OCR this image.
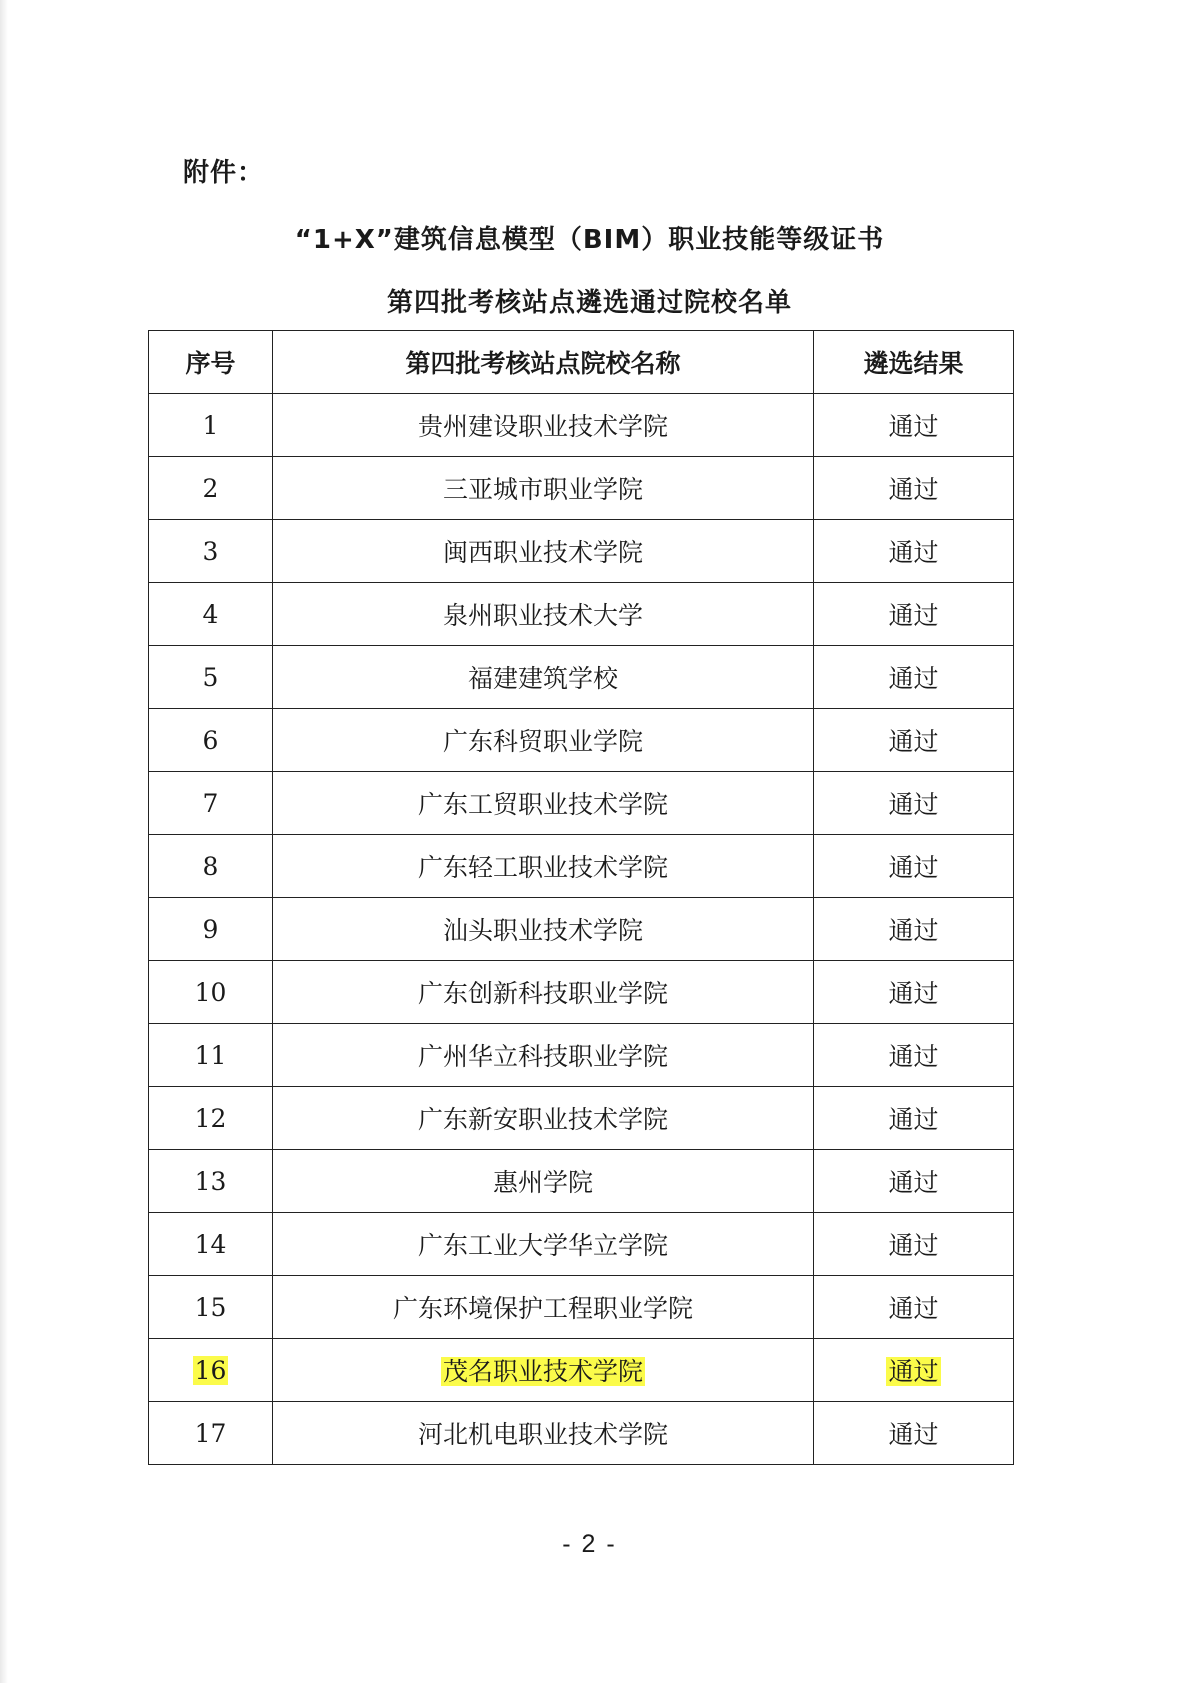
附件：
“1+X”建筑信息模型（BIM）职业技能等级证书
第四批考核站点遴选通过院校名单
序号	第四批考核站点院校名称	遴选结果
1	贵州建设职业技术学院	通过
2	三亚城市职业学院	通过
3	闽西职业技术学院	通过
4	泉州职业技术大学	通过
5	福建建筑学校	通过
6	广东科贸职业学院	通过
7	广东工贸职业技术学院	通过
8	广东轻工职业技术学院	通过
9	汕头职业技术学院	通过
10	广东创新科技职业学院	通过
11	广州华立科技职业学院	通过
12	广东新安职业技术学院	通过
13	惠州学院	通过
14	广东工业大学华立学院	通过
15	广东环境保护工程职业学院	通过
16	茂名职业技术学院	通过
17	河北机电职业技术学院	通过
- 2 -
